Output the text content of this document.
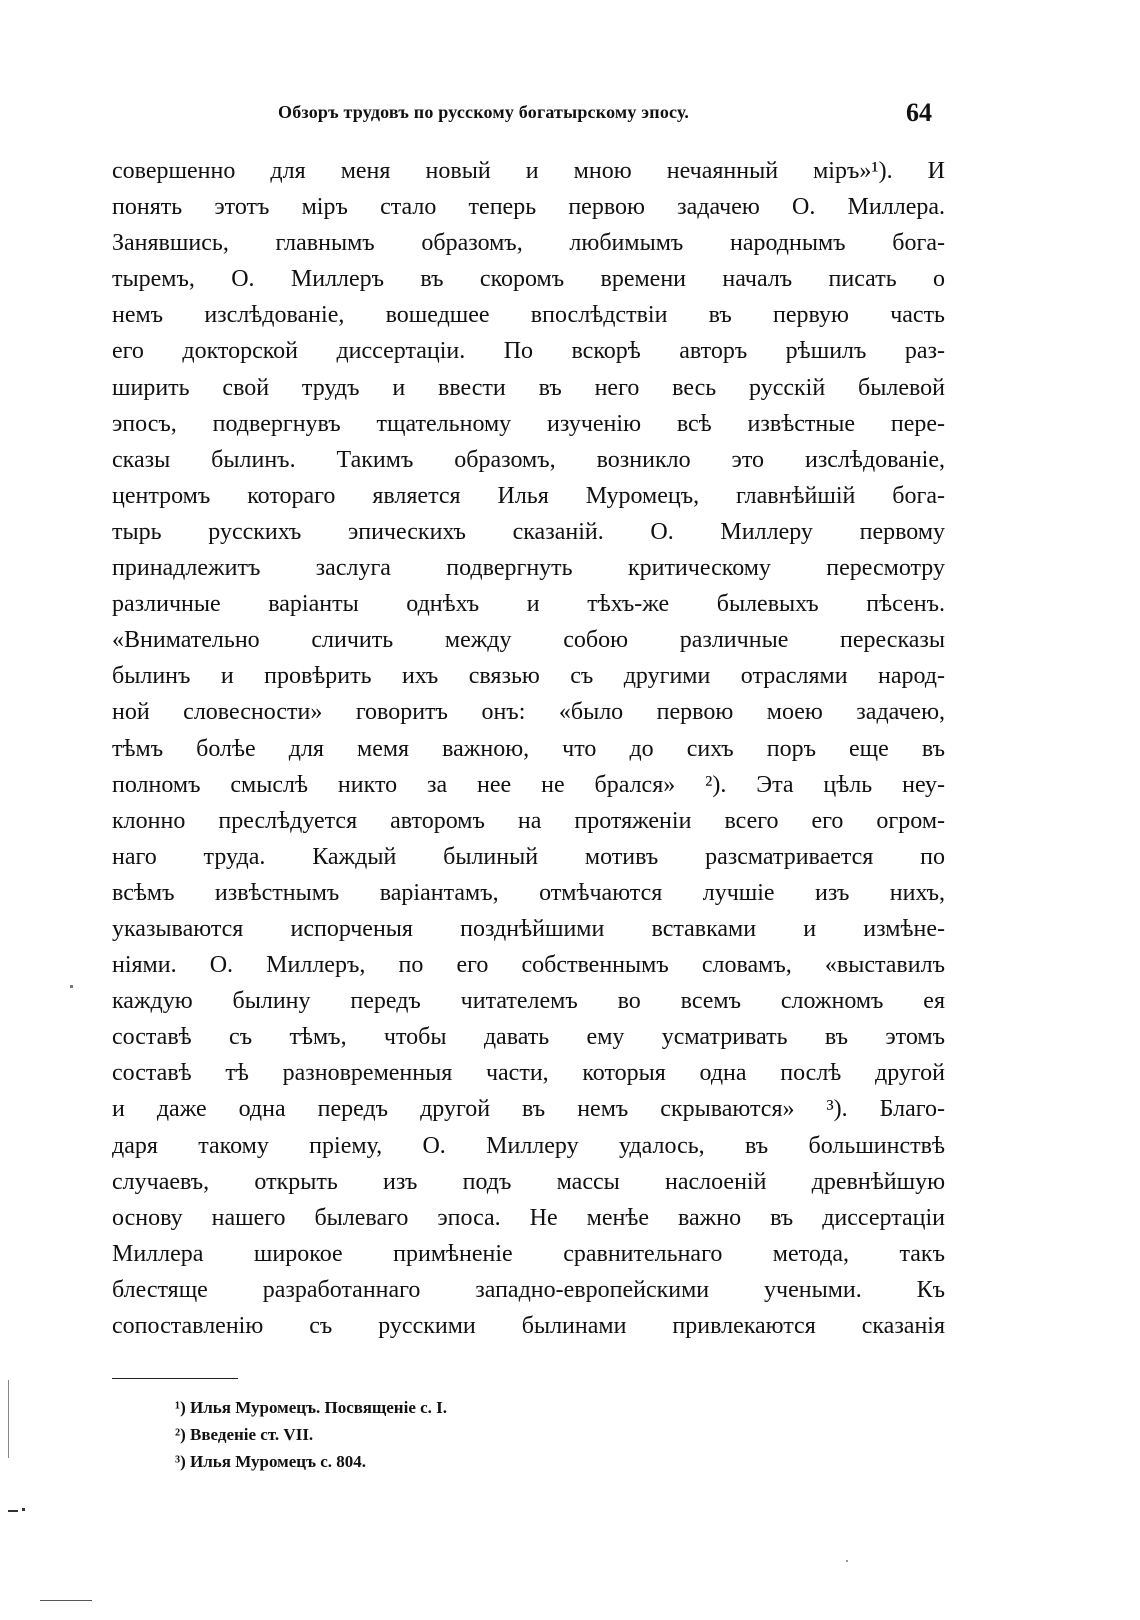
Обзоръ трудовъ по русскому богатырскому эпосу.	64
совершенно для меня новый и мною нечаянный міръ»¹). И
понять этотъ міръ стало теперь первою задачею О. Миллера.
Занявшись, главнымъ образомъ, любимымъ народнымъ бога-
тыремъ, О. Миллеръ въ скоромъ времени началъ писать о
немъ изслѣдованіе, вошедшее впослѣдствіи въ первую часть
его докторской диссертаціи. По вскорѣ авторъ рѣшилъ раз-
ширить свой трудъ и ввести въ него весь русскій былевой
эпосъ, подвергнувъ тщательному изученію всѣ извѣстные пере-
сказы былинъ. Такимъ образомъ, возникло это изслѣдованіе,
центромъ котораго является Илья Муромецъ, главнѣйшій бога-
тырь русскихъ эпическихъ сказаній. О. Миллеру первому
принадлежитъ заслуга подвергнуть критическому пересмотру
различные варіанты однѣхъ и тѣхъ-же былевыхъ пѣсенъ.
«Внимательно сличить между собою различные пересказы
былинъ и провѣрить ихъ связью съ другими отраслями народ-
ной словесности» говоритъ онъ: «было первою моею задачею,
тѣмъ болѣе для мемя важною, что до сихъ поръ еще въ
полномъ смыслѣ никто за нее не брался» ²). Эта цѣль неу-
клонно преслѣдуется авторомъ на протяженіи всего его огром-
наго труда. Каждый былиный мотивъ разсматривается по
всѣмъ извѣстнымъ варіантамъ, отмѣчаются лучшіе изъ нихъ,
указываются испорченыя позднѣйшими вставками и измѣне-
ніями. О. Миллеръ, по его собственнымъ словамъ, «выставилъ
каждую былину передъ читателемъ во всемъ сложномъ ея
составѣ съ тѣмъ, чтобы давать ему усматривать въ этомъ
составѣ тѣ разновременныя части, которыя одна послѣ другой
и даже одна передъ другой въ немъ скрываются» ³). Благо-
даря такому пріему, О. Миллеру удалось, въ большинствѣ
случаевъ, открыть изъ подъ массы наслоеній древнѣйшую
основу нашего былеваго эпоса. Не менѣе важно въ диссертаціи
Миллера широкое примѣненіе сравнительнаго метода, такъ
блестяще разработаннаго западно-европейскими учеными. Къ
сопоставленію съ русскими былинами привлекаются сказанія
¹) Илья Муромецъ. Посвященіе с. I.
²) Введеніе ст. VII.
³) Илья Муромецъ с. 804.
